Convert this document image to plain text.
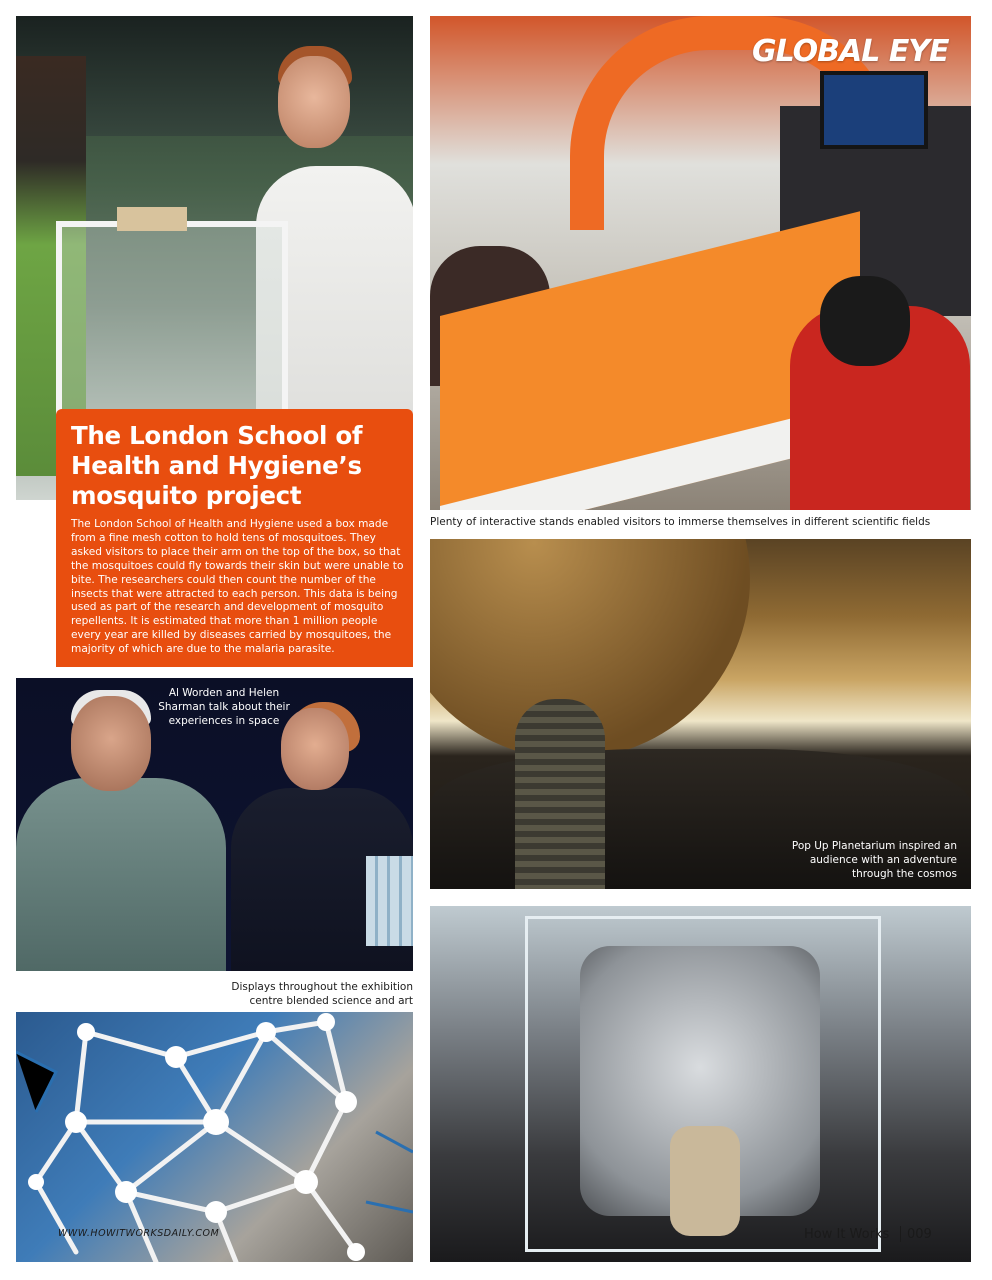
The London School of Health and Hygiene’s mosquito project

The London School of Health and Hygiene used a box made from a fine mesh cotton to hold tens of mosquitoes. They asked visitors to place their arm on the top of the box, so that the mosquitoes could fly towards their skin but were unable to bite. The researchers could then count the number of the insects that were attracted to each person. This data is being used as part of the research and development of mosquito repellents. It is estimated that more than 1 million people every year are killed by diseases carried by mosquitoes, the majority of which are due to the malaria parasite.

GLOBAL EYE
Plenty of interactive stands enabled visitors to immerse themselves in different scientific fields
Pop Up Planetarium inspired an audience with an adventure through the cosmos
Al Worden and Helen Sharman talk about their experiences in space
Displays throughout the exhibition centre blended science and art
WWW.HOWITWORKSDAILY.COM	How It Works 009
